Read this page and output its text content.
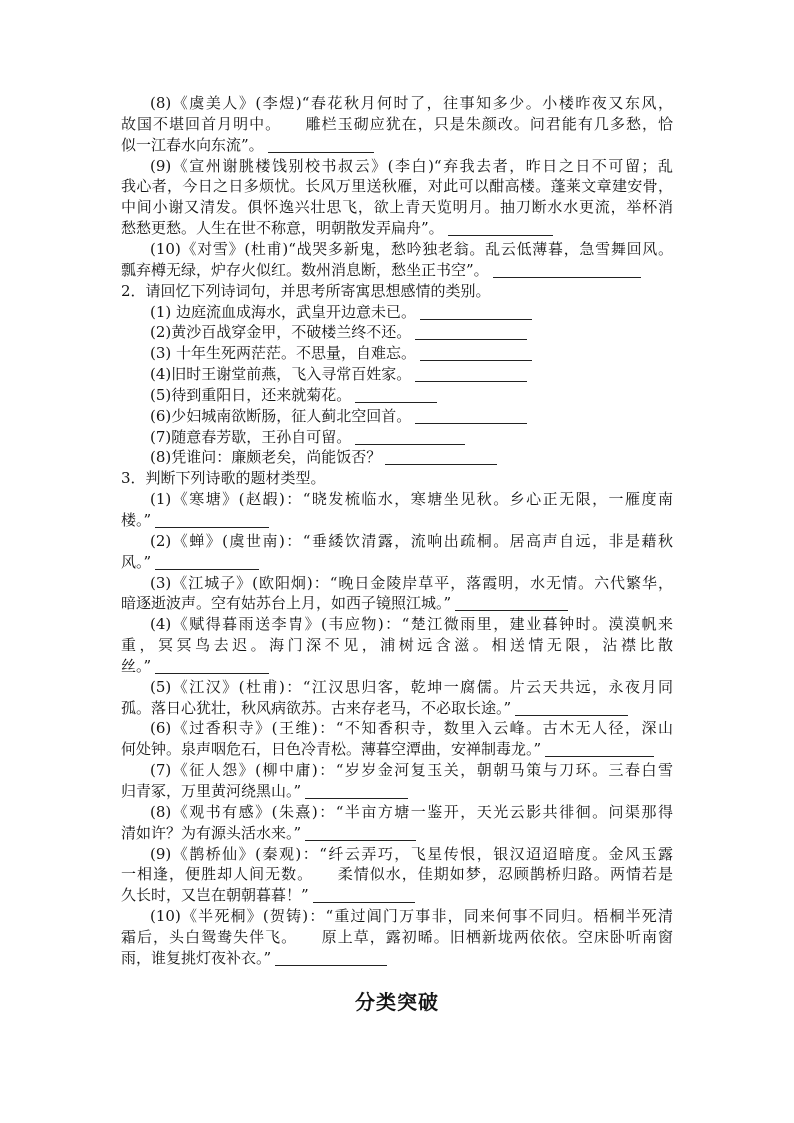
(8)《虞美人》(李煜)“春花秋月何时了，往事知多少。小楼昨夜又东风，
故国不堪回首月明中。　　雕栏玉砌应犹在，只是朱颜改。问君能有几多愁，恰
似一江春水向东流”。
(9)《宣州谢朓楼饯别校书叔云》(李白)“弃我去者，昨日之日不可留；乱
我心者，今日之日多烦忧。长风万里送秋雁，对此可以酣高楼。蓬莱文章建安骨，
中间小谢又清发。俱怀逸兴壮思飞，欲上青天览明月。抽刀断水水更流，举杯消
愁愁更愁。人生在世不称意，明朝散发弄扁舟”。
(10)《对雪》(杜甫)“战哭多新鬼，愁吟独老翁。乱云低薄暮，急雪舞回风。
瓢弃樽无绿，炉存火似红。数州消息断，愁坐正书空”。
2．请回忆下列诗词句，并思考所寄寓思想感情的类别。
(1) 边庭流血成海水，武皇开边意未已。
(2)黄沙百战穿金甲，不破楼兰终不还。
(3) 十年生死两茫茫。不思量，自难忘。
(4)旧时王谢堂前燕，飞入寻常百姓家。
(5)待到重阳日，还来就菊花。
(6)少妇城南欲断肠，征人蓟北空回首。
(7)随意春芳歇，王孙自可留。
(8)凭谁问：廉颇老矣，尚能饭否？
3．判断下列诗歌的题材类型。
(1)《寒塘》(赵嘏)：“晓发梳临水，寒塘坐见秋。乡心正无限，一雁度南
楼。”
(2)《蝉》(虞世南)：“垂緌饮清露，流响出疏桐。居高声自远，非是藉秋
风。”
(3)《江城子》(欧阳炯)：“晚日金陵岸草平，落霞明，水无情。六代繁华，
暗逐逝波声。空有姑苏台上月，如西子镜照江城。”
(4)《赋得暮雨送李胄》(韦应物)：“楚江微雨里，建业暮钟时。漠漠帆来
重，冥冥鸟去迟。海门深不见，浦树远含滋。相送情无限，沾襟比散
丝。”
(5)《江汉》(杜甫)：“江汉思归客，乾坤一腐儒。片云天共远，永夜月同
孤。落日心犹壮，秋风病欲苏。古来存老马，不必取长途。”
(6)《过香积寺》(王维)：“不知香积寺，数里入云峰。古木无人径，深山
何处钟。泉声咽危石，日色冷青松。薄暮空潭曲，安禅制毒龙。”
(7)《征人怨》(柳中庸)：“岁岁金河复玉关，朝朝马策与刀环。三春白雪
归青冢，万里黄河绕黑山。”
(8)《观书有感》(朱熹)：“半亩方塘一鉴开，天光云影共徘徊。问渠那得
清如许？为有源头活水来。”
(9)《鹊桥仙》(秦观)：“纤云弄巧，飞星传恨，银汉迢迢暗度。金风玉露
一相逢，便胜却人间无数。　　柔情似水，佳期如梦，忍顾鹊桥归路。两情若是
久长时，又岂在朝朝暮暮！”
(10)《半死桐》(贺铸)：“重过阊门万事非，同来何事不同归。梧桐半死清
霜后，头白鸳鸯失伴飞。　　原上草，露初晞。旧栖新垅两依依。空床卧听南窗
雨，谁复挑灯夜补衣。”
分类突破
